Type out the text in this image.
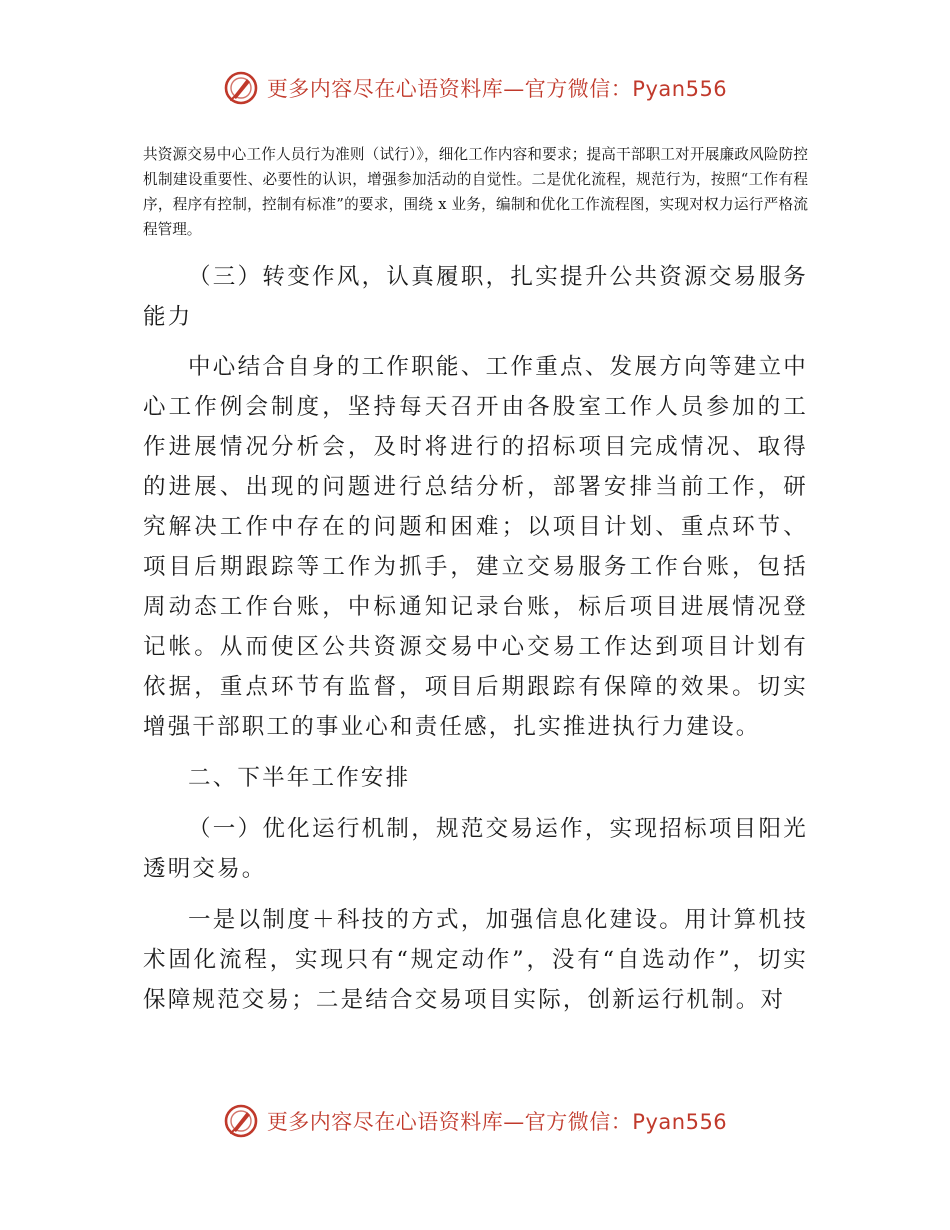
更多内容尽在心语资料库—官方微信：Pyan556

共资源交易中心工作人员行为准则（试行）》，细化工作内容和要求；提高干部职工对开展廉政风险防控机制建设重要性、必要性的认识，增强参加活动的自觉性。二是优化流程，规范行为，按照“工作有程序，程序有控制，控制有标准”的要求，围绕 x 业务，编制和优化工作流程图，实现对权力运行严格流程管理。

（三）转变作风，认真履职，扎实提升公共资源交易服务能力

中心结合自身的工作职能、工作重点、发展方向等建立中心工作例会制度，坚持每天召开由各股室工作人员参加的工作进展情况分析会，及时将进行的招标项目完成情况、取得的进展、出现的问题进行总结分析，部署安排当前工作，研究解决工作中存在的问题和困难；以项目计划、重点环节、项目后期跟踪等工作为抓手，建立交易服务工作台账，包括周动态工作台账，中标通知记录台账，标后项目进展情况登记帐。从而使区公共资源交易中心交易工作达到项目计划有依据，重点环节有监督，项目后期跟踪有保障的效果。切实增强干部职工的事业心和责任感，扎实推进执行力建设。

二、下半年工作安排

（一）优化运行机制，规范交易运作，实现招标项目阳光透明交易。

一是以制度＋科技的方式，加强信息化建设。用计算机技术固化流程，实现只有“规定动作”，没有“自选动作”，切实保障规范交易；二是结合交易项目实际，创新运行机制。对

更多内容尽在心语资料库—官方微信：Pyan556
